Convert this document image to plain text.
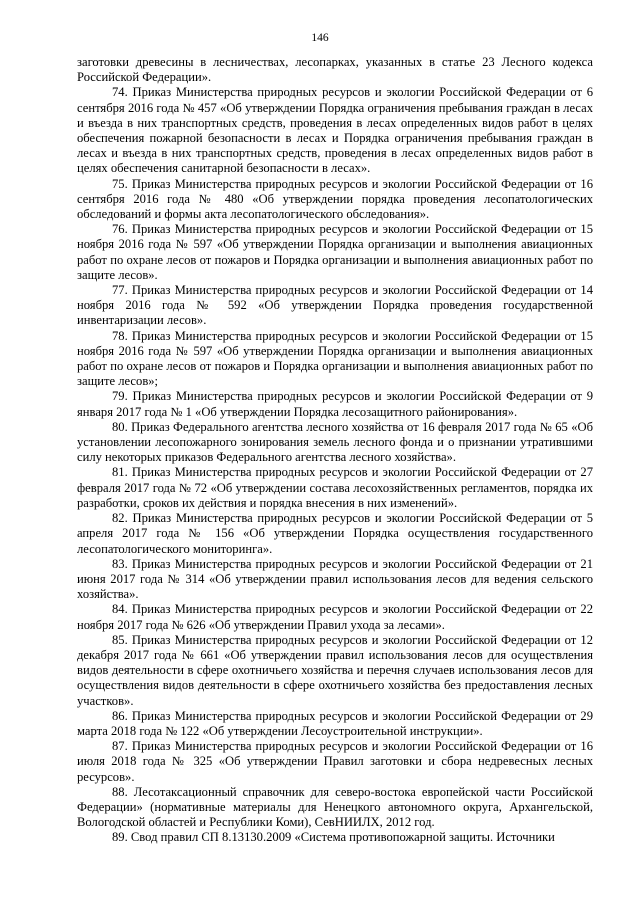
146

заготовки древесины в лесничествах, лесопарках, указанных в статье 23 Лесного кодекса Российской Федерации».

74. Приказ Министерства природных ресурсов и экологии Российской Федерации от 6 сентября 2016 года № 457 «Об утверждении Порядка ограничения пребывания граждан в лесах и въезда в них транспортных средств, проведения в лесах определенных видов работ в целях обеспечения пожарной безопасности в лесах и Порядка ограничения пребывания граждан в лесах и въезда в них транспортных средств, проведения в лесах определенных видов работ в целях обеспечения санитарной безопасности в лесах».

75. Приказ Министерства природных ресурсов и экологии Российской Федерации от 16 сентября 2016 года № 480 «Об утверждении порядка проведения лесопатологических обследований и формы акта лесопатологического обследования».

76. Приказ Министерства природных ресурсов и экологии Российской Федерации от 15 ноября 2016 года № 597 «Об утверждении Порядка организации и выполнения авиационных работ по охране лесов от пожаров и Порядка организации и выполнения авиационных работ по защите лесов».

77. Приказ Министерства природных ресурсов и экологии Российской Федерации от 14 ноября 2016 года № 592 «Об утверждении Порядка проведения государственной инвентаризации лесов».

78. Приказ Министерства природных ресурсов и экологии Российской Федерации от 15 ноября 2016 года № 597 «Об утверждении Порядка организации и выполнения авиационных работ по охране лесов от пожаров и Порядка организации и выполнения авиационных работ по защите лесов»;

79. Приказ Министерства природных ресурсов и экологии Российской Федерации от 9 января 2017 года № 1 «Об утверждении Порядка лесозащитного районирования».

80. Приказ Федерального агентства лесного хозяйства от 16 февраля 2017 года № 65 «Об установлении лесопожарного зонирования земель лесного фонда и о признании утратившими силу некоторых приказов Федерального агентства лесного хозяйства».

81. Приказ Министерства природных ресурсов и экологии Российской Федерации от 27 февраля 2017 года № 72 «Об утверждении состава лесохозяйственных регламентов, порядка их разработки, сроков их действия и порядка внесения в них изменений».

82. Приказ Министерства природных ресурсов и экологии Российской Федерации от 5 апреля 2017 года № 156 «Об утверждении Порядка осуществления государственного лесопатологического мониторинга».

83. Приказ Министерства природных ресурсов и экологии Российской Федерации от 21 июня 2017 года № 314 «Об утверждении правил использования лесов для ведения сельского хозяйства».

84. Приказ Министерства природных ресурсов и экологии Российской Федерации от 22 ноября 2017 года № 626 «Об утверждении Правил ухода за лесами».

85. Приказ Министерства природных ресурсов и экологии Российской Федерации от 12 декабря 2017 года № 661 «Об утверждении правил использования лесов для осуществления видов деятельности в сфере охотничьего хозяйства и перечня случаев использования лесов для осуществления видов деятельности в сфере охотничьего хозяйства без предоставления лесных участков».

86. Приказ Министерства природных ресурсов и экологии Российской Федерации от 29 марта 2018 года № 122 «Об утверждении Лесоустроительной инструкции».

87. Приказ Министерства природных ресурсов и экологии Российской Федерации от 16 июля 2018 года № 325 «Об утверждении Правил заготовки и сбора недревесных лесных ресурсов».

88. Лесотаксационный справочник для северо-востока европейской части Российской Федерации» (нормативные материалы для Ненецкого автономного округа, Архангельской, Вологодской областей и Республики Коми), СевНИИЛХ, 2012 год.

89. Свод правил СП 8.13130.2009 «Система противопожарной защиты. Источники
